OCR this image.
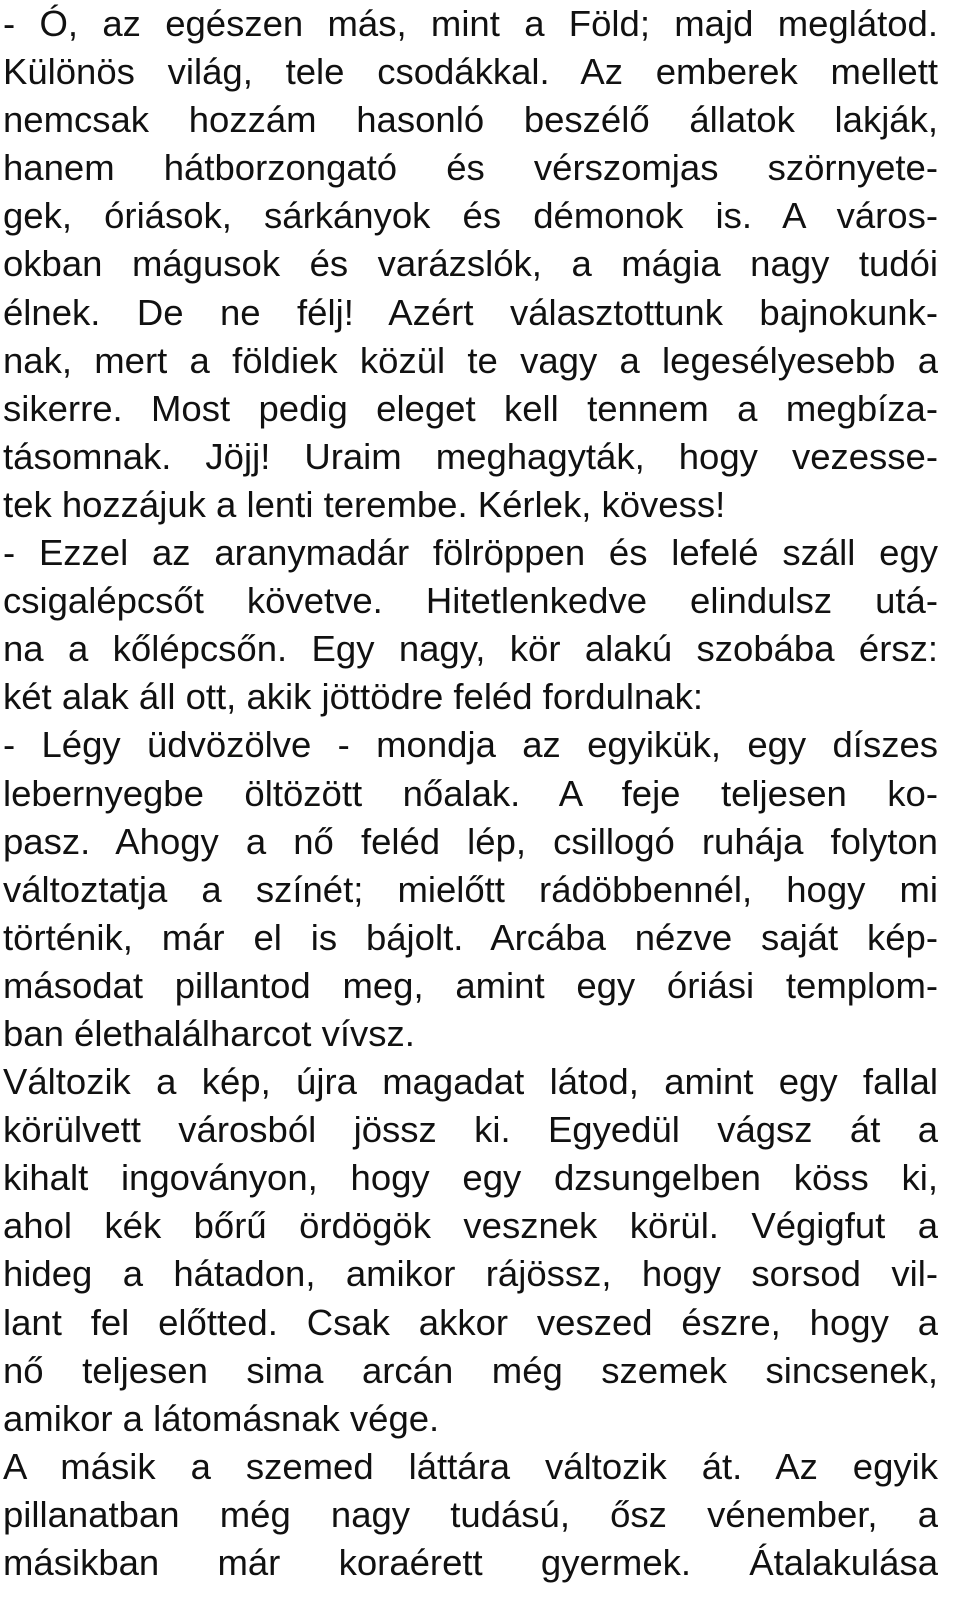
- Ó, az egészen más, mint a Föld; majd meglátod.
Különös világ, tele csodákkal. Az emberek mellett
nemcsak hozzám hasonló beszélő állatok lakják,
hanem hátborzongató és vérszomjas szörnyete-
gek, óriások, sárkányok és démonok is. A város-
okban mágusok és varázslók, a mágia nagy tudói
élnek. De ne félj! Azért választottunk bajnokunk-
nak, mert a földiek közül te vagy a legesélyesebb a
sikerre. Most pedig eleget kell tennem a megbíza-
tásomnak. Jöjj! Uraim meghagyták, hogy vezesse-
tek hozzájuk a lenti terembe. Kérlek, kövess!
- Ezzel az aranymadár fölröppen és lefelé száll egy
csigalépcsőt követve. Hitetlenkedve elindulsz utá-
na a kőlépcsőn. Egy nagy, kör alakú szobába érsz:
két alak áll ott, akik jöttödre feléd fordulnak:
- Légy üdvözölve - mondja az egyikük, egy díszes
lebernyegbe öltözött nőalak. A feje teljesen ko-
pasz. Ahogy a nő feléd lép, csillogó ruhája folyton
változtatja a színét; mielőtt rádöbbennél, hogy mi
történik, már el is bájolt. Arcába nézve saját kép-
másodat pillantod meg, amint egy óriási templom-
ban élethalálharcot vívsz.
Változik a kép, újra magadat látod, amint egy fallal
körülvett városból jössz ki. Egyedül vágsz át a
kihalt ingoványon, hogy egy dzsungelben köss ki,
ahol kék bőrű ördögök vesznek körül. Végigfut a
hideg a hátadon, amikor rájössz, hogy sorsod vil-
lant fel előtted. Csak akkor veszed észre, hogy a
nő teljesen sima arcán még szemek sincsenek,
amikor a látomásnak vége.
A másik a szemed láttára változik át. Az egyik
pillanatban még nagy tudású, ősz vénember, a
másikban már koraérett gyermek. Átalakulása
